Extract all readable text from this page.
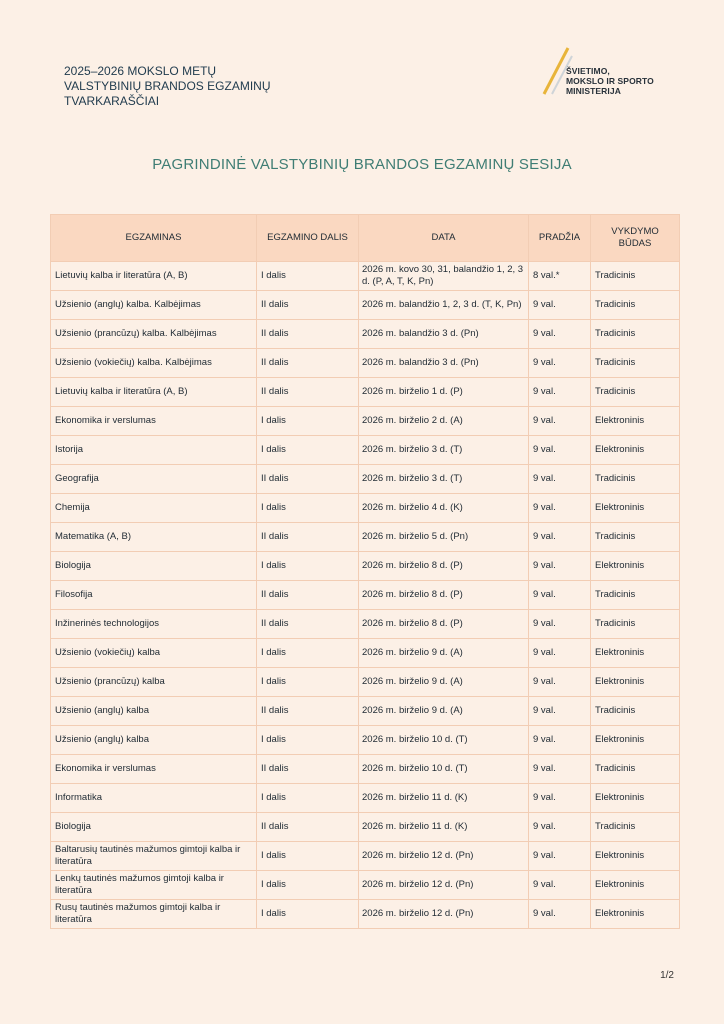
2025–2026 MOKSLO METŲ
VALSTYBINIŲ BRANDOS EGZAMINŲ
TVARKARAŠČIAI
ŠVIETIMO,
MOKSLO IR SPORTO
MINISTERIJA
PAGRINDINĖ VALSTYBINIŲ BRANDOS EGZAMINŲ SESIJA
EGZAMINAS	EGZAMINO DALIS	DATA	PRADŽIA	VYKDYMO BŪDAS
Lietuvių kalba ir literatūra (A, B)	I dalis	2026 m. kovo 30, 31, balandžio 1, 2, 3 d. (P, A, T, K, Pn)	8 val.*	Tradicinis
Užsienio (anglų) kalba. Kalbėjimas	II dalis	2026 m. balandžio 1, 2, 3 d. (T, K, Pn)	9 val.	Tradicinis
Užsienio (prancūzų) kalba. Kalbėjimas	II dalis	2026 m. balandžio 3 d. (Pn)	9 val.	Tradicinis
Užsienio (vokiečių) kalba. Kalbėjimas	II dalis	2026 m. balandžio 3 d. (Pn)	9 val.	Tradicinis
Lietuvių kalba ir literatūra (A, B)	II dalis	2026 m. birželio 1 d. (P)	9 val.	Tradicinis
Ekonomika ir verslumas	I dalis	2026 m. birželio 2 d. (A)	9 val.	Elektroninis
Istorija	I dalis	2026 m. birželio 3 d. (T)	9 val.	Elektroninis
Geografija	II dalis	2026 m. birželio 3 d. (T)	9 val.	Tradicinis
Chemija	I dalis	2026 m. birželio 4 d. (K)	9 val.	Elektroninis
Matematika (A, B)	II dalis	2026 m. birželio 5 d. (Pn)	9 val.	Tradicinis
Biologija	I dalis	2026 m. birželio 8 d. (P)	9 val.	Elektroninis
Filosofija	II dalis	2026 m. birželio 8 d. (P)	9 val.	Tradicinis
Inžinerinės technologijos	II dalis	2026 m. birželio 8 d. (P)	9 val.	Tradicinis
Užsienio (vokiečių) kalba	I dalis	2026 m. birželio 9 d. (A)	9 val.	Elektroninis
Užsienio (prancūzų) kalba	I dalis	2026 m. birželio 9 d. (A)	9 val.	Elektroninis
Užsienio (anglų) kalba	II dalis	2026 m. birželio 9 d. (A)	9 val.	Tradicinis
Užsienio (anglų) kalba	I dalis	2026 m. birželio 10 d. (T)	9 val.	Elektroninis
Ekonomika ir verslumas	II dalis	2026 m. birželio 10 d. (T)	9 val.	Tradicinis
Informatika	I dalis	2026 m. birželio 11 d. (K)	9 val.	Elektroninis
Biologija	II dalis	2026 m. birželio 11 d. (K)	9 val.	Tradicinis
Baltarusių tautinės mažumos gimtoji kalba ir literatūra	I dalis	2026 m. birželio 12 d. (Pn)	9 val.	Elektroninis
Lenkų tautinės mažumos gimtoji kalba ir literatūra	I dalis	2026 m. birželio 12 d. (Pn)	9 val.	Elektroninis
Rusų tautinės mažumos gimtoji kalba ir literatūra	I dalis	2026 m. birželio 12 d. (Pn)	9 val.	Elektroninis
1/2
